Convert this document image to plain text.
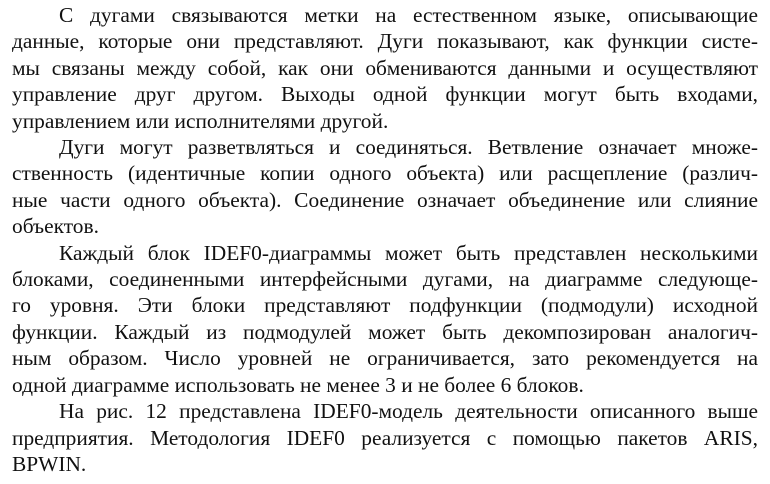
С дугами связываются метки на естественном языке, описывающие
данные, которые они представляют. Дуги показывают, как функции систе-
мы связаны между собой, как они обмениваются данными и осуществляют
управление друг другом. Выходы одной функции могут быть входами,
управлением или исполнителями другой.
Дуги могут разветвляться и соединяться. Ветвление означает множе-
ственность (идентичные копии одного объекта) или расщепление (различ-
ные части одного объекта). Соединение означает объединение или слияние
объектов.
Каждый блок IDEF0-диаграммы может быть представлен несколькими
блоками, соединенными интерфейсными дугами, на диаграмме следующе-
го уровня. Эти блоки представляют подфункции (подмодули) исходной
функции. Каждый из подмодулей может быть декомпозирован аналогич-
ным образом. Число уровней не ограничивается, зато рекомендуется на
одной диаграмме использовать не менее 3 и не более 6 блоков.
На рис. 12 представлена IDEF0-модель деятельности описанного выше
предприятия. Методология IDEF0 реализуется с помощью пакетов ARIS,
BPWIN.
